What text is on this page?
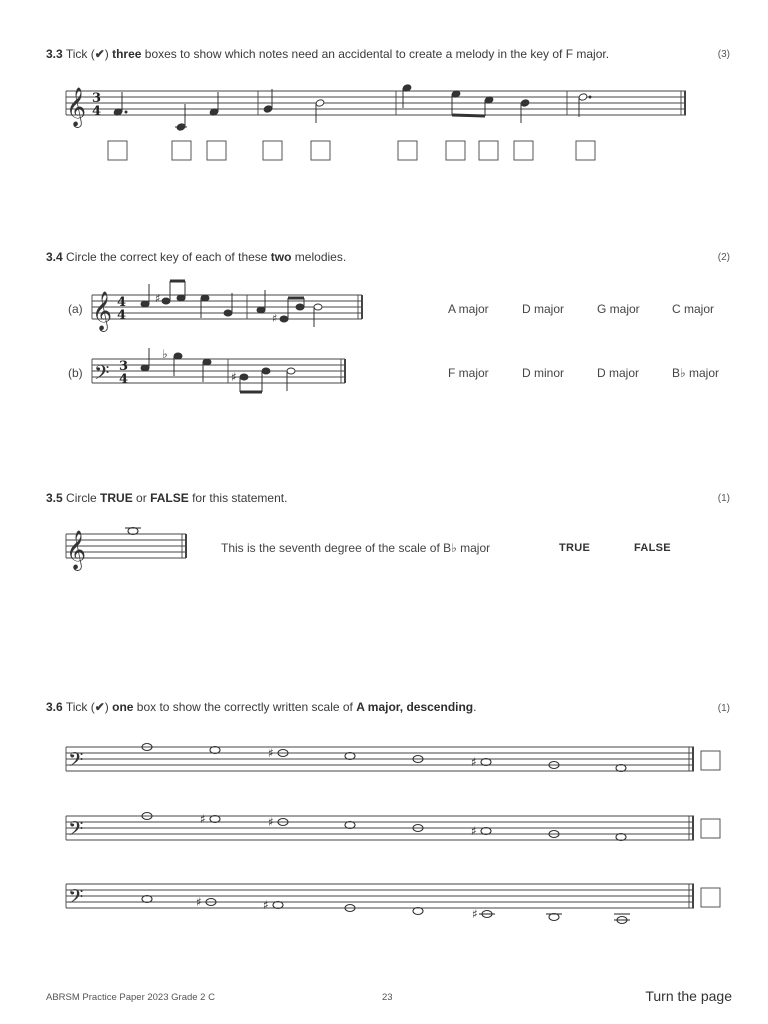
3.3 Tick (✔) three boxes to show which notes need an accidental to create a melody in the key of F major.	(3)
𝄞
𝄞
𝄢
𝄞
𝄢
𝄢
𝄢
3
4
4
4
3
4
♯
♯
♭
♯
♯
♯
♯	♯
♯
♯	♯
♯
3.4 Circle the correct key of each of these two melodies.	(2)
(a)
(b)
A major	D major	G major	C major
F major	D minor	D major	B♭ major
3.5 Circle TRUE or FALSE for this statement.	(1)
This is the seventh degree of the scale of B♭ major	TRUE	FALSE
3.6 Tick (✔) one box to show the correctly written scale of A major, descending.	(1)
ABRSM Practice Paper 2023 Grade 2 C	23	Turn the page
